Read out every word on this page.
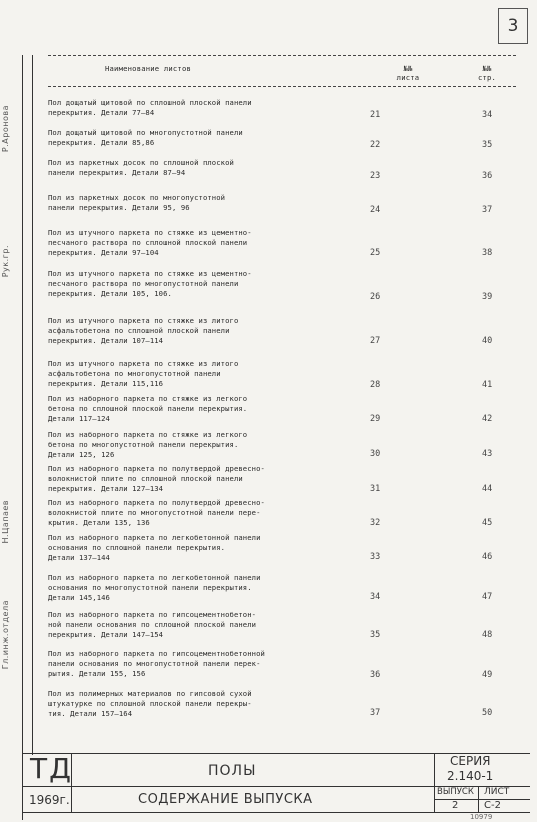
3
Р.Аронова
Рук.гр.
Н.Цапаев
Гл.инж.отдела
Наименование листов	№№ листа
№№ стр.
Пол дощатый щитовой по сплошной плоской панели
перекрытия. Детали 77–84	21	34
Пол дощатый щитовой по многопустотной панели
перекрытия. Детали 85,86	22	35
Пол из паркетных досок по сплошной плоской
панели перекрытия. Детали 87–94	23	36
Пол из паркетных досок по многопустотной
панели перекрытия. Детали 95, 96	24	37
Пол из штучного паркета по стяжке из цементно-
песчаного раствора по сплошной плоской панели
перекрытия. Детали 97–104	25	38
Пол из штучного паркета по стяжке из цементно-
песчаного раствора по многопустотной панели
перекрытия. Детали 105, 106.	26	39
Пол из штучного паркета по стяжке из литого
асфальтобетона по сплошной плоской панели
перекрытия. Детали 107–114	27	40
Пол из штучного паркета по стяжке из литого
асфальтобетона по многопустотной панели
перекрытия. Детали 115,116	28	41
Пол из наборного паркета по стяжке из легкого
бетона по сплошной плоской панели перекрытия.
Детали 117–124	29	42
Пол из наборного паркета по стяжке из легкого
бетона по многопустотной панели перекрытия.
Детали 125, 126	30	43
Пол из наборного паркета по полутвердой древесно-
волокнистой плите по сплошной плоской панели
перекрытия. Детали 127–134	31	44
Пол из наборного паркета по полутвердой древесно-
волокнистой плите по многопустотной панели пере-
крытия. Детали 135, 136	32	45
Пол из наборного паркета по легкобетонной панели
основания по сплошной панели перекрытия.
Детали 137–144	33	46
Пол из наборного паркета по легкобетонной панели
основания по многопустотной панели перекрытия.
Детали 145,146	34	47
Пол из наборного паркета по гипсоцементнобетон-
ной панели основания по сплошной плоской панели
перекрытия. Детали 147–154	35	48
Пол из наборного паркета по гипсоцементнобетонной
панели основания по многопустотной панели перек-
рытия. Детали 155, 156	36	49
Пол из полимерных материалов по гипсовой сухой
штукатурке по сплошной плоской панели перекры-
тия. Детали 157–164	37	50
ТД	ПОЛЫ
СЕРИЯ
2.140-1
1969г.	СОДЕРЖАНИЕ ВЫПУСКА	ВЫПУСК
2
ЛИСТ
С-2
10979
